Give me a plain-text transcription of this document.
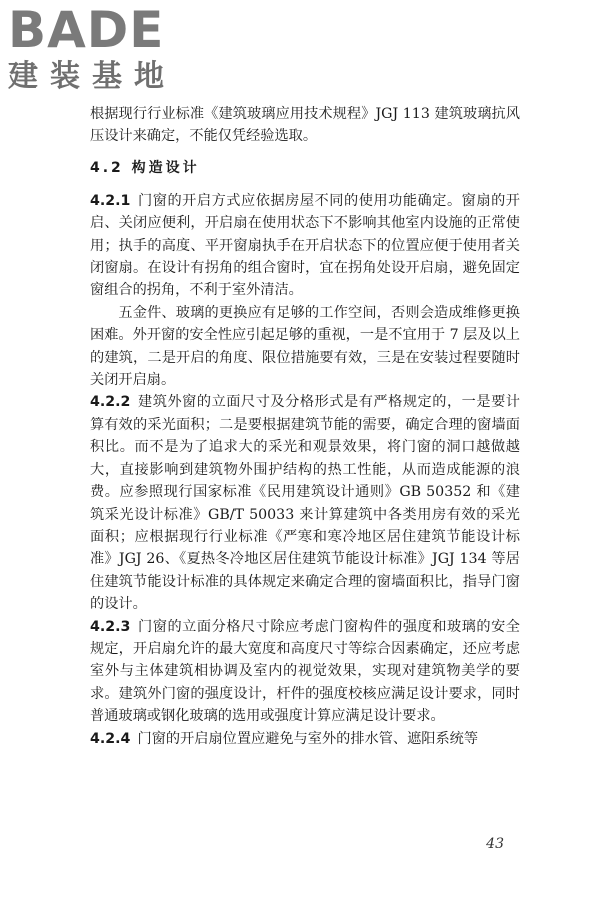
BADE
建装基地

根据现行行业标准《建筑玻璃应用技术规程》JGJ 113 建筑玻璃抗风压设计来确定，不能仅凭经验选取。

4.2 构造设计

4.2.1 门窗的开启方式应依据房屋不同的使用功能确定。窗扇的开启、关闭应便利，开启扇在使用状态下不影响其他室内设施的正常使用；执手的高度、平开窗扇执手在开启状态下的位置应便于使用者关闭窗扇。在设计有拐角的组合窗时，宜在拐角处设开启扇，避免固定窗组合的拐角，不利于室外清洁。

五金件、玻璃的更换应有足够的工作空间，否则会造成维修更换困难。外开窗的安全性应引起足够的重视，一是不宜用于 7 层及以上的建筑，二是开启的角度、限位措施要有效，三是在安装过程要随时关闭开启扇。

4.2.2 建筑外窗的立面尺寸及分格形式是有严格规定的，一是要计算有效的采光面积；二是要根据建筑节能的需要，确定合理的窗墙面积比。而不是为了追求大的采光和观景效果，将门窗的洞口越做越大，直接影响到建筑物外围护结构的热工性能，从而造成能源的浪费。应参照现行国家标准《民用建筑设计通则》GB 50352 和《建筑采光设计标准》GB/T 50033 来计算建筑中各类用房有效的采光面积；应根据现行行业标准《严寒和寒冷地区居住建筑节能设计标准》JGJ 26、《夏热冬冷地区居住建筑节能设计标准》JGJ 134 等居住建筑节能设计标准的具体规定来确定合理的窗墙面积比，指导门窗的设计。

4.2.3 门窗的立面分格尺寸除应考虑门窗构件的强度和玻璃的安全规定，开启扇允许的最大宽度和高度尺寸等综合因素确定，还应考虑室外与主体建筑相协调及室内的视觉效果，实现对建筑物美学的要求。建筑外门窗的强度设计，杆件的强度校核应满足设计要求，同时普通玻璃或钢化玻璃的选用或强度计算应满足设计要求。

4.2.4 门窗的开启扇位置应避免与室外的排水管、遮阳系统等

43
